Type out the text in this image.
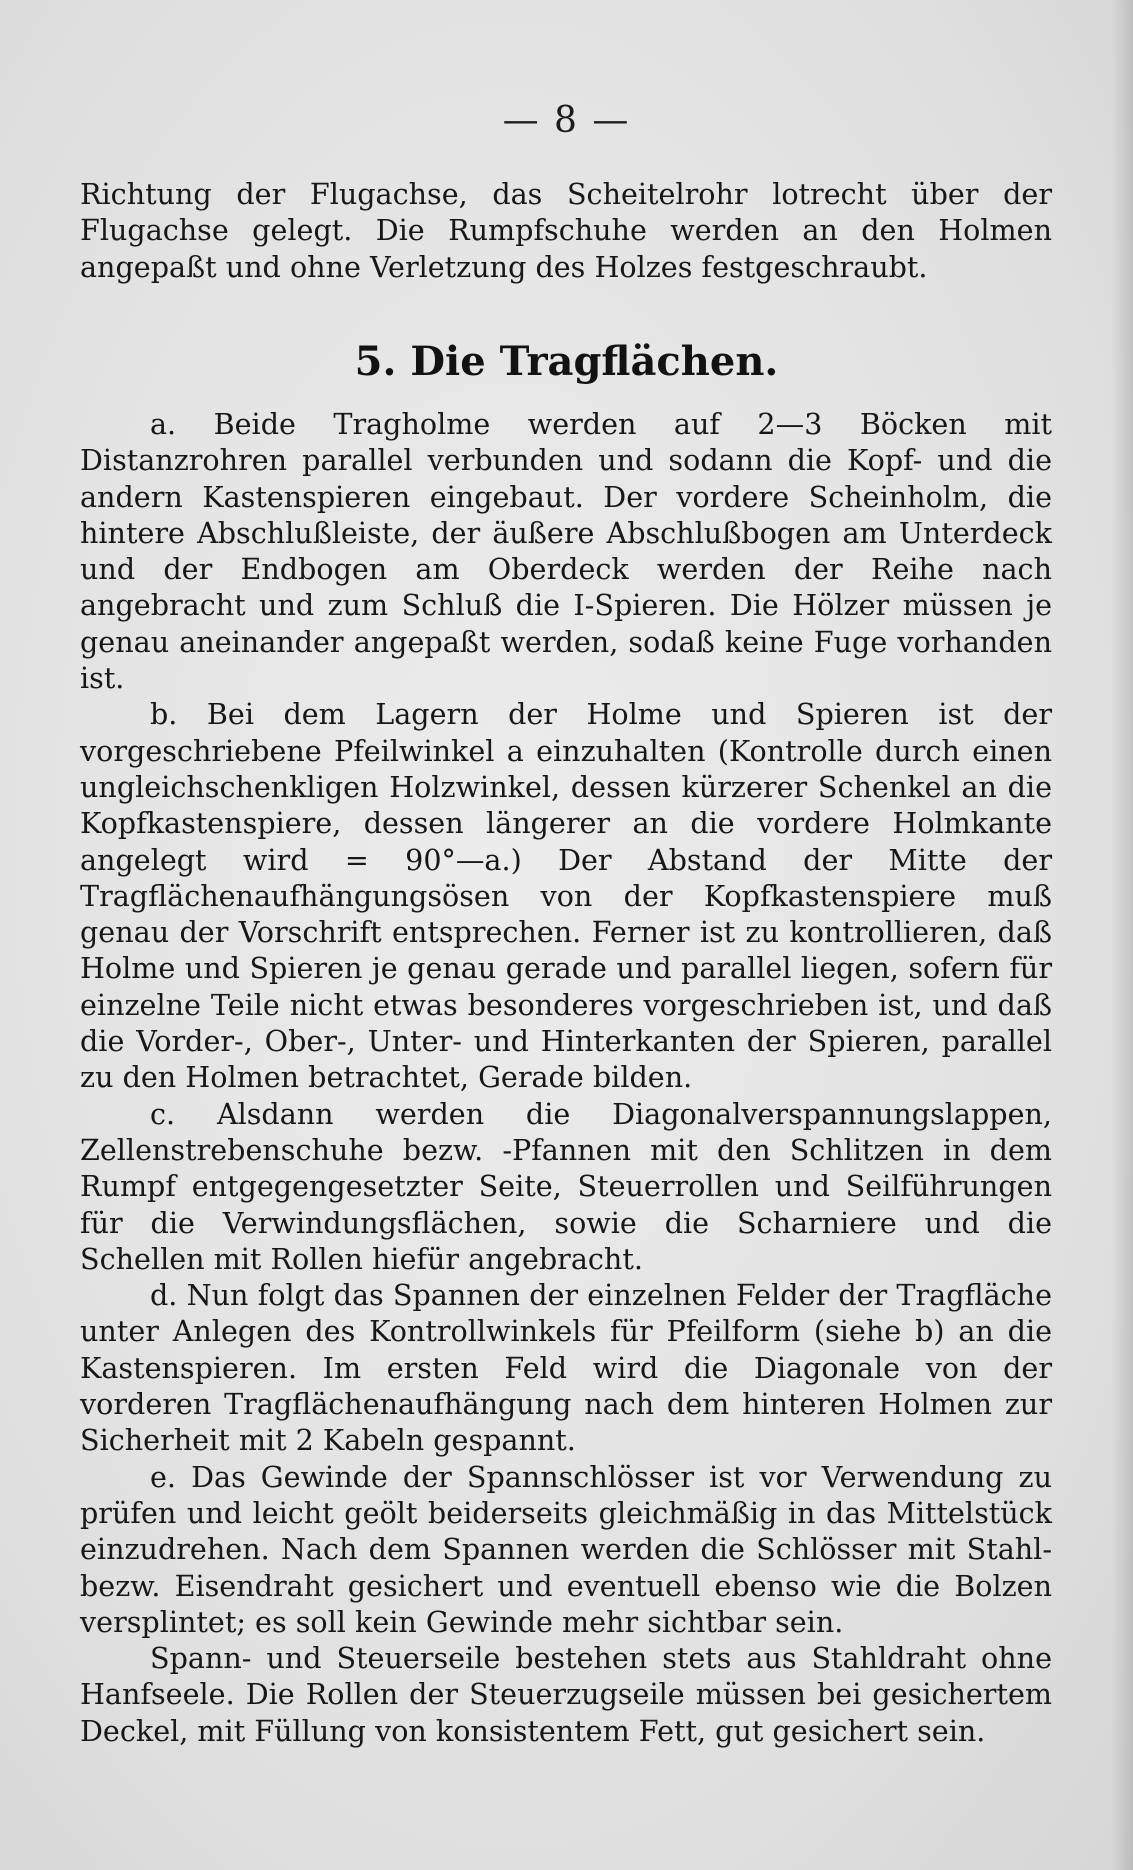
— 8 —

Richtung der Flugachse, das Scheitelrohr lotrecht über der Flugachse gelegt. Die Rumpfschuhe werden an den Holmen angepaßt und ohne Verletzung des Holzes festgeschraubt.

5. Die Tragflächen.

a. Beide Tragholme werden auf 2—3 Böcken mit Distanzrohren parallel verbunden und sodann die Kopf- und die andern Kastenspieren eingebaut. Der vordere Scheinholm, die hintere Abschlußleiste, der äußere Abschlußbogen am Unterdeck und der Endbogen am Oberdeck werden der Reihe nach angebracht und zum Schluß die I-Spieren. Die Hölzer müssen je genau aneinander angepaßt werden, sodaß keine Fuge vorhanden ist.

b. Bei dem Lagern der Holme und Spieren ist der vorgeschriebene Pfeilwinkel a einzuhalten (Kontrolle durch einen ungleichschenkligen Holzwinkel, dessen kürzerer Schenkel an die Kopfkastenspiere, dessen längerer an die vordere Holmkante angelegt wird = 90°—a.) Der Abstand der Mitte der Tragflächenaufhängungsösen von der Kopfkastenspiere muß genau der Vorschrift entsprechen. Ferner ist zu kontrollieren, daß Holme und Spieren je genau gerade und parallel liegen, sofern für einzelne Teile nicht etwas besonderes vorgeschrieben ist, und daß die Vorder-, Ober-, Unter- und Hinterkanten der Spieren, parallel zu den Holmen betrachtet, Gerade bilden.

c. Alsdann werden die Diagonalverspannungslappen, Zellenstrebenschuhe bezw. -Pfannen mit den Schlitzen in dem Rumpf entgegengesetzter Seite, Steuerrollen und Seilführungen für die Verwindungsflächen, sowie die Scharniere und die Schellen mit Rollen hiefür angebracht.

d. Nun folgt das Spannen der einzelnen Felder der Tragfläche unter Anlegen des Kontrollwinkels für Pfeilform (siehe b) an die Kastenspieren. Im ersten Feld wird die Diagonale von der vorderen Tragflächenaufhängung nach dem hinteren Holmen zur Sicherheit mit 2 Kabeln gespannt.

e. Das Gewinde der Spannschlösser ist vor Verwendung zu prüfen und leicht geölt beiderseits gleichmäßig in das Mittelstück einzudrehen. Nach dem Spannen werden die Schlösser mit Stahl- bezw. Eisendraht gesichert und eventuell ebenso wie die Bolzen versplintet; es soll kein Gewinde mehr sichtbar sein.

Spann- und Steuerseile bestehen stets aus Stahldraht ohne Hanfseele. Die Rollen der Steuerzugseile müssen bei gesichertem Deckel, mit Füllung von konsistentem Fett, gut gesichert sein.
